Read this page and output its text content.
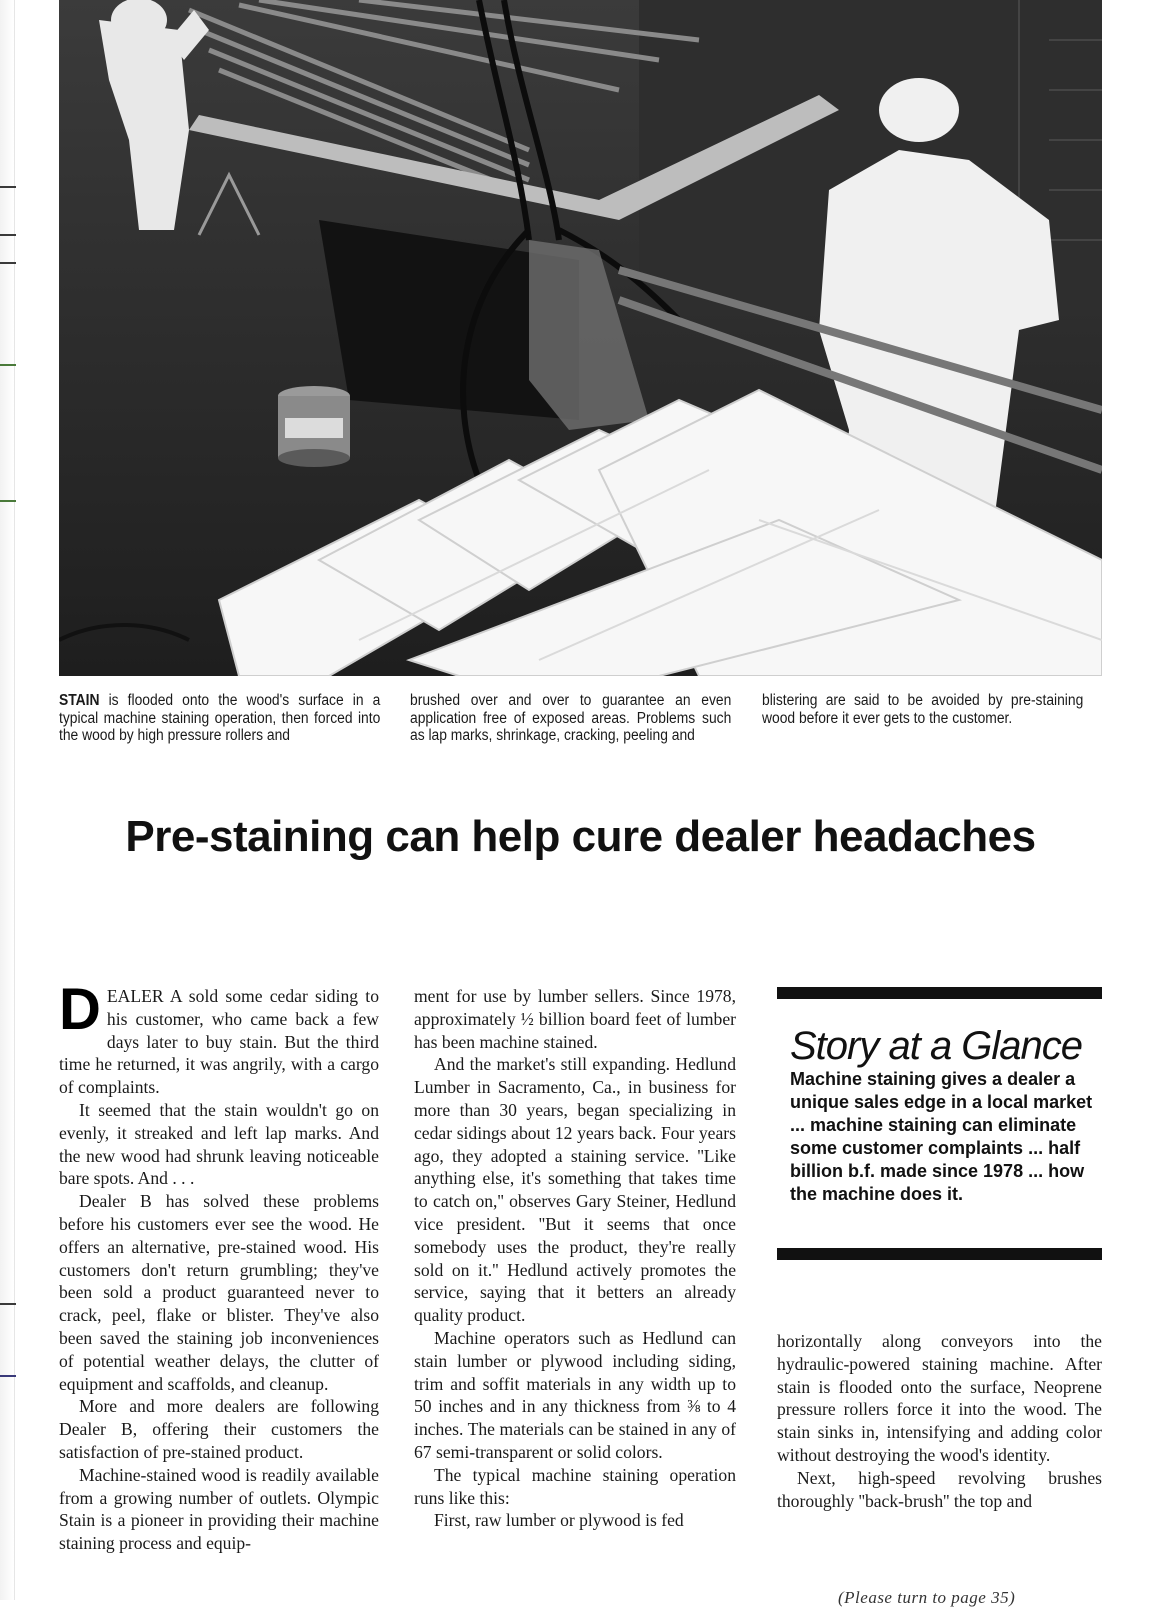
STAIN is flooded onto the wood's surface in a typical machine staining operation, then forced into the wood by high pressure rollers and
brushed over and over to guarantee an even application free of exposed areas. Problems such as lap marks, shrinkage, cracking, peeling and
blistering are said to be avoided by pre-staining wood before it ever gets to the customer.
Pre-staining can help cure dealer headaches

DEALER A sold some cedar siding to his customer, who came back a few days later to buy stain. But the third time he returned, it was angrily, with a cargo of complaints.

It seemed that the stain wouldn't go on evenly, it streaked and left lap marks. And the new wood had shrunk leaving noticeable bare spots. And . . .

Dealer B has solved these problems before his customers ever see the wood. He offers an alternative, pre-stained wood. His customers don't return grumbling; they've been sold a product guaranteed never to crack, peel, flake or blister. They've also been saved the staining job inconveniences of potential weather delays, the clutter of equipment and scaffolds, and cleanup.

More and more dealers are following Dealer B, offering their customers the satisfaction of pre-stained product.

Machine-stained wood is readily available from a growing number of outlets. Olympic Stain is a pioneer in providing their machine staining process and equip-

ment for use by lumber sellers. Since 1978, approximately ½ billion board feet of lumber has been machine stained.

And the market's still expanding. Hedlund Lumber in Sacramento, Ca., in business for more than 30 years, began specializing in cedar sidings about 12 years back. Four years ago, they adopted a staining service. ''Like anything else, it's something that takes time to catch on,'' observes Gary Steiner, Hedlund vice president. ''But it seems that once somebody uses the product, they're really sold on it.'' Hedlund actively promotes the service, saying that it betters an already quality product.

Machine operators such as Hedlund can stain lumber or plywood including siding, trim and soffit materials in any width up to 50 inches and in any thickness from ⅜ to 4 inches. The materials can be stained in any of 67 semi-transparent or solid colors.

The typical machine staining operation runs like this:

First, raw lumber or plywood is fed

Story at a Glance

Machine staining gives a dealer a unique sales edge in a local market ... machine staining can eliminate some customer complaints ... half billion b.f. made since 1978 ... how the machine does it.

horizontally along conveyors into the hydraulic-powered staining machine. After stain is flooded onto the surface, Neoprene pressure rollers force it into the wood. The stain sinks in, intensifying and adding color without destroying the wood's identity.

Next, high-speed revolving brushes thoroughly ''back-brush'' the top and

(Please turn to page 35)
